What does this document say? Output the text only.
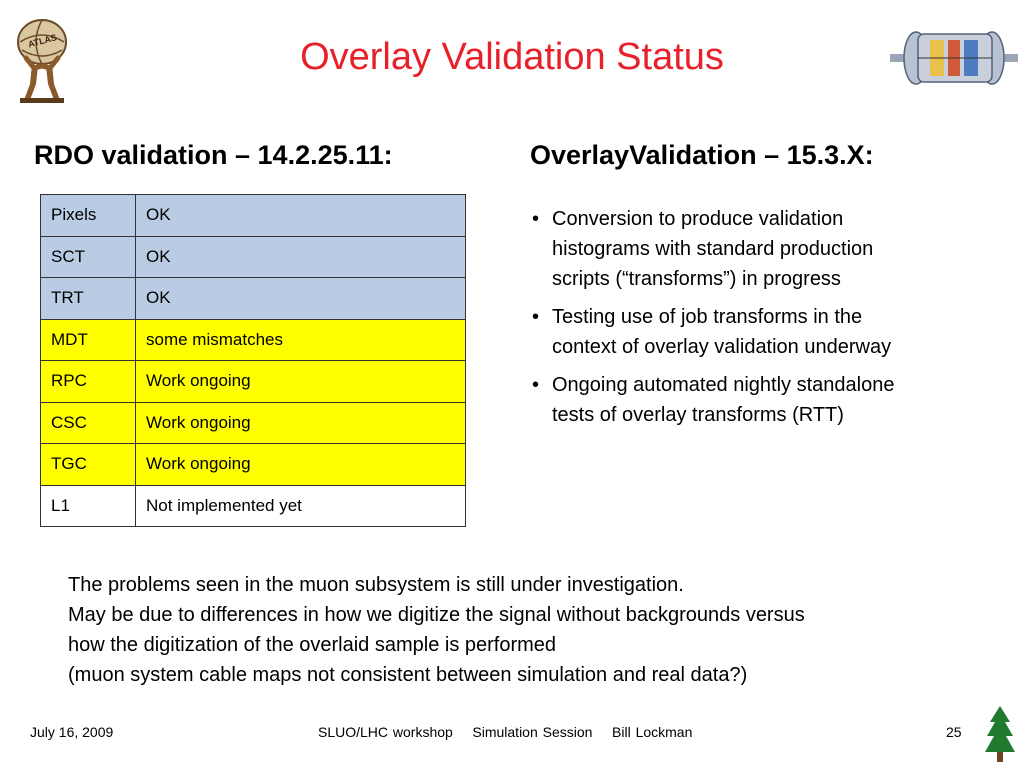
ATLAS	Overlay Validation Status
RDO validation – 14.2.25.11:	OverlayValidation – 15.3.X:
Pixels	OK
SCT	OK
TRT	OK
MDT	some mismatches
RPC	Work ongoing
CSC	Work ongoing
TGC	Work ongoing
L1	Not implemented yet
• Conversion to produce validation
histograms with standard production
scripts (“transforms”) in progress
• Testing use of job transforms in the
context of overlay validation underway
• Ongoing automated nightly standalone
tests of overlay transforms (RTT)
The problems seen in the muon subsystem is still under investigation.
May be due to differences in how we digitize the signal without backgrounds versus
how the digitization of the overlaid sample is performed
(muon system cable maps not consistent between simulation and real data?)
July 16, 2009	SLUO/LHC workshop    Simulation Session    Bill Lockman	25
